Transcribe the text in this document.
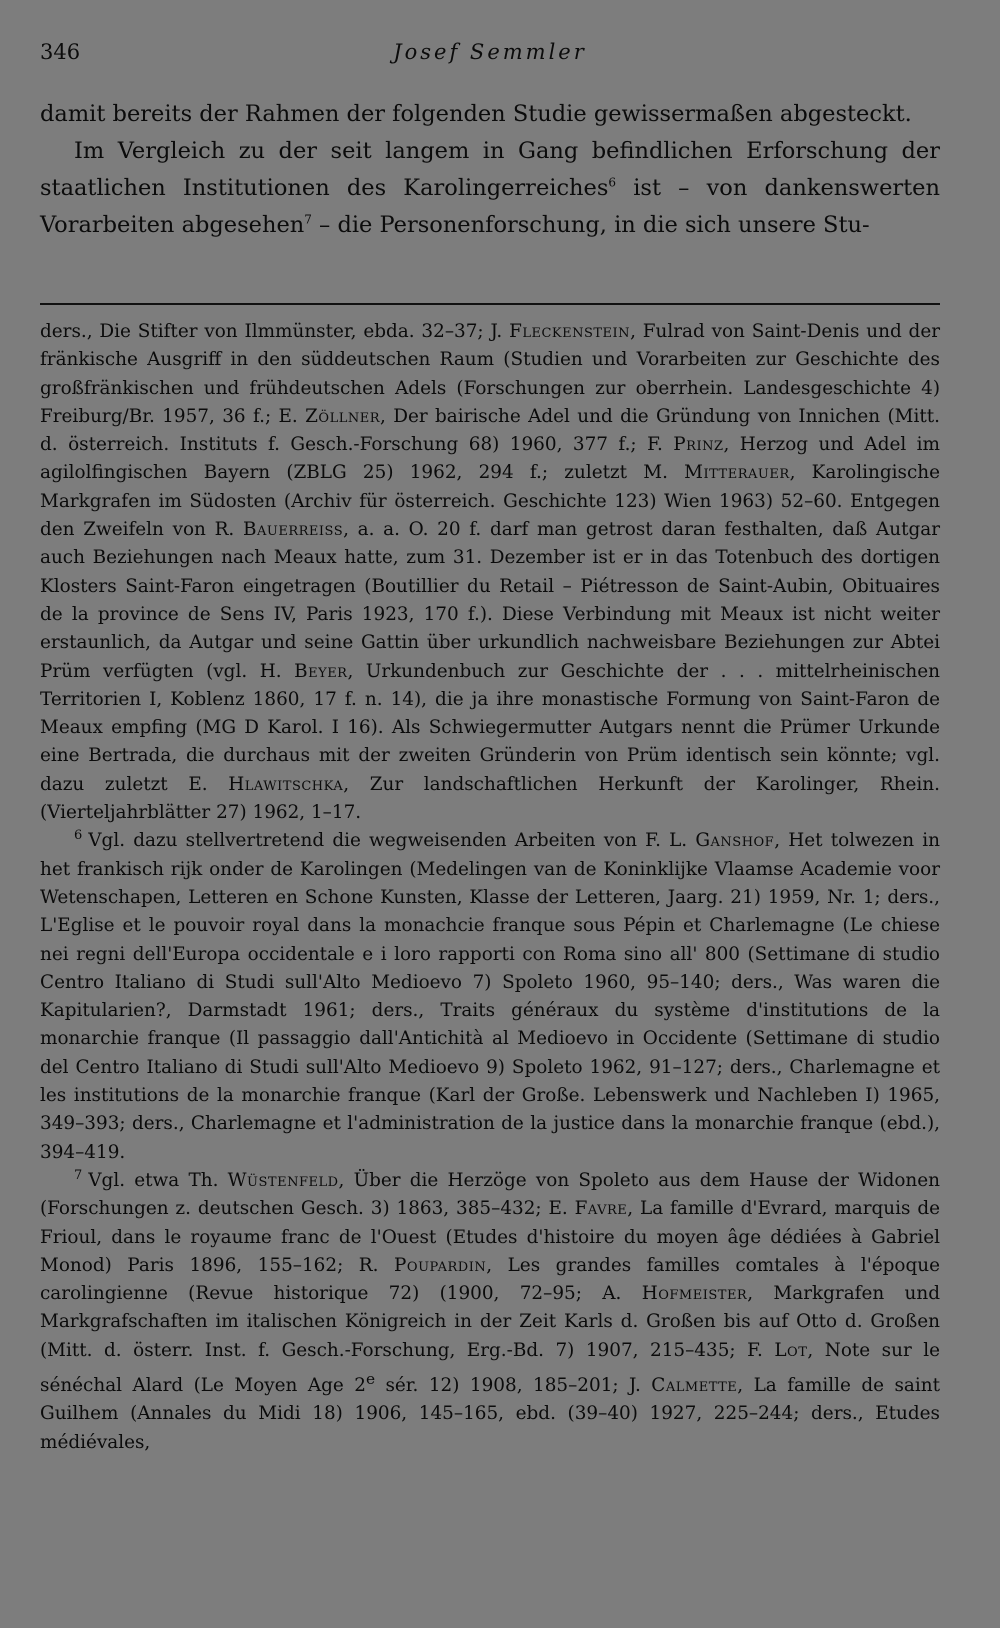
346	Josef Semmler

damit bereits der Rahmen der folgenden Studie gewissermaßen abgesteckt.

Im Vergleich zu der seit langem in Gang befindlichen Erforschung der staatlichen Institutionen des Karolingerreiches$^6$ ist – von dankenswerten Vorarbeiten abgesehen$^7$ – die Personenforschung, in die sich unsere Stu-

ders., Die Stifter von Ilmmünster, ebda. 32–37; J. Fleckenstein, Fulrad von Saint-Denis und der fränkische Ausgriff in den süddeutschen Raum (Studien und Vorarbeiten zur Geschichte des großfränkischen und frühdeutschen Adels (Forschungen zur oberrhein. Landesgeschichte 4) Freiburg/Br. 1957, 36 f.; E. Zöllner, Der bairische Adel und die Gründung von Innichen (Mitt. d. österreich. Instituts f. Gesch.-Forschung 68) 1960, 377 f.; F. Prinz, Herzog und Adel im agilolfingischen Bayern (ZBLG 25) 1962, 294 f.; zuletzt M. Mitterauer, Karolingische Markgrafen im Südosten (Archiv für österreich. Geschichte 123) Wien 1963) 52–60. Entgegen den Zweifeln von R. Bauerreiss, a. a. O. 20 f. darf man getrost daran festhalten, daß Autgar auch Beziehungen nach Meaux hatte, zum 31. Dezember ist er in das Totenbuch des dortigen Klosters Saint-Faron eingetragen (Boutillier du Retail – Piétresson de Saint-Aubin, Obituaires de la province de Sens IV, Paris 1923, 170 f.). Diese Verbindung mit Meaux ist nicht weiter erstaunlich, da Autgar und seine Gattin über urkundlich nachweisbare Beziehungen zur Abtei Prüm verfügten (vgl. H. Beyer, Urkundenbuch zur Geschichte der . . . mittelrheinischen Territorien I, Koblenz 1860, 17 f. n. 14), die ja ihre monastische Formung von Saint-Faron de Meaux empfing (MG D Karol. I 16). Als Schwiegermutter Autgars nennt die Prümer Urkunde eine Bertrada, die durchaus mit der zweiten Gründerin von Prüm identisch sein könnte; vgl. dazu zuletzt E. Hlawitschka, Zur landschaftlichen Herkunft der Karolinger, Rhein. (Vierteljahrblätter 27) 1962, 1–17.

$^6$ Vgl. dazu stellvertretend die wegweisenden Arbeiten von F. L. Ganshof, Het tolwezen in het frankisch rijk onder de Karolingen (Medelingen van de Koninklijke Vlaamse Academie voor Wetenschapen, Letteren en Schone Kunsten, Klasse der Letteren, Jaarg. 21) 1959, Nr. 1; ders., L'Eglise et le pouvoir royal dans la monachcie franque sous Pépin et Charlemagne (Le chiese nei regni dell'Europa occidentale e i loro rapporti con Roma sino all' 800 (Settimane di studio Centro Italiano di Studi sull'Alto Medioevo 7) Spoleto 1960, 95–140; ders., Was waren die Kapitularien?, Darmstadt 1961; ders., Traits généraux du système d'institutions de la monarchie franque (Il passaggio dall'Antichità al Medioevo in Occidente (Settimane di studio del Centro Italiano di Studi sull'Alto Medioevo 9) Spoleto 1962, 91–127; ders., Charlemagne et les institutions de la monarchie franque (Karl der Große. Lebenswerk und Nachleben I) 1965, 349–393; ders., Charlemagne et l'administration de la justice dans la monarchie franque (ebd.), 394–419.

$^7$ Vgl. etwa Th. Wüstenfeld, Über die Herzöge von Spoleto aus dem Hause der Widonen (Forschungen z. deutschen Gesch. 3) 1863, 385–432; E. Favre, La famille d'Evrard, marquis de Frioul, dans le royaume franc de l'Ouest (Etudes d'histoire du moyen âge dédiées à Gabriel Monod) Paris 1896, 155–162; R. Poupardin, Les grandes familles comtales à l'époque carolingienne (Revue historique 72) (1900, 72–95; A. Hofmeister, Markgrafen und Markgrafschaften im italischen Königreich in der Zeit Karls d. Großen bis auf Otto d. Großen (Mitt. d. österr. Inst. f. Gesch.-Forschung, Erg.-Bd. 7) 1907, 215–435; F. Lot, Note sur le sénéchal Alard (Le Moyen Age 2e sér. 12) 1908, 185–201; J. Calmette, La famille de saint Guilhem (Annales du Midi 18) 1906, 145–165, ebd. (39–40) 1927, 225–244; ders., Etudes médiévales,
